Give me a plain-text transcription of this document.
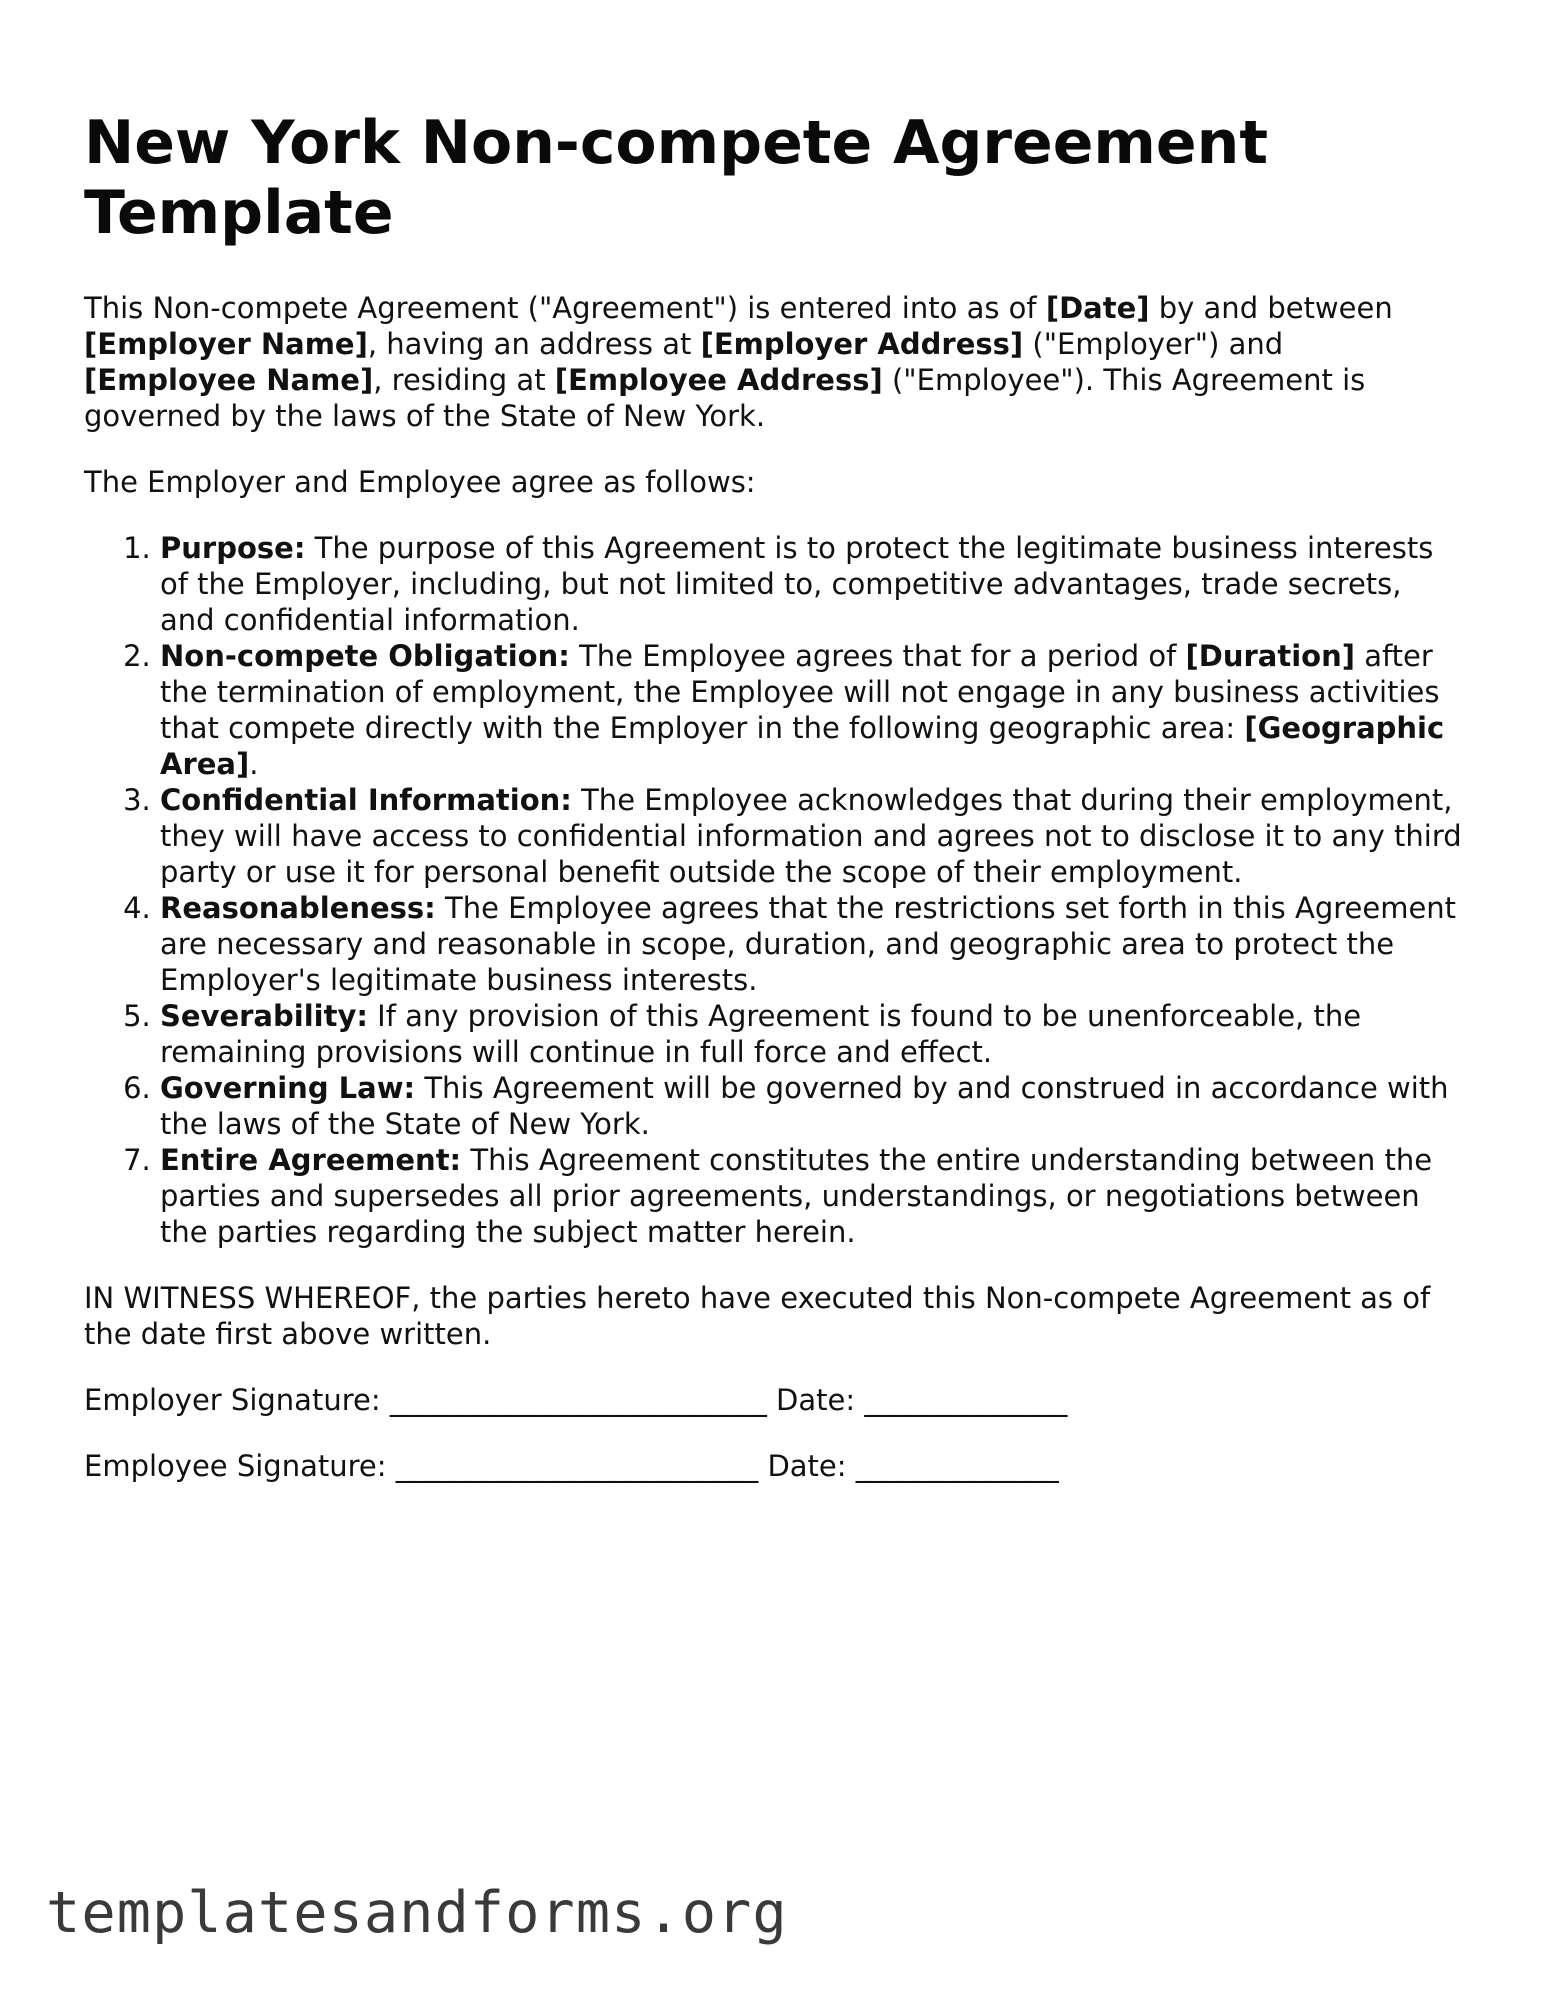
New York Non-compete Agreement Template

This Non-compete Agreement ("Agreement") is entered into as of [Date] by and between [Employer Name], having an address at [Employer Address] ("Employer") and [Employee Name], residing at [Employee Address] ("Employee"). This Agreement is governed by the laws of the State of New York.

The Employer and Employee agree as follows:

1. Purpose: The purpose of this Agreement is to protect the legitimate business interests of the Employer, including, but not limited to, competitive advantages, trade secrets, and confidential information.
2. Non-compete Obligation: The Employee agrees that for a period of [Duration] after the termination of employment, the Employee will not engage in any business activities that compete directly with the Employer in the following geographic area: [Geographic Area].
3. Confidential Information: The Employee acknowledges that during their employment, they will have access to confidential information and agrees not to disclose it to any third party or use it for personal benefit outside the scope of their employment.
4. Reasonableness: The Employee agrees that the restrictions set forth in this Agreement are necessary and reasonable in scope, duration, and geographic area to protect the Employer's legitimate business interests.
5. Severability: If any provision of this Agreement is found to be unenforceable, the remaining provisions will continue in full force and effect.
6. Governing Law: This Agreement will be governed by and construed in accordance with the laws of the State of New York.
7. Entire Agreement: This Agreement constitutes the entire understanding between the parties and supersedes all prior agreements, understandings, or negotiations between the parties regarding the subject matter herein.

IN WITNESS WHEREOF, the parties hereto have executed this Non-compete Agreement as of the date first above written.

Employer Signature: __________________________ Date: ______________

Employee Signature: _________________________ Date: ______________

templatesandforms.org
